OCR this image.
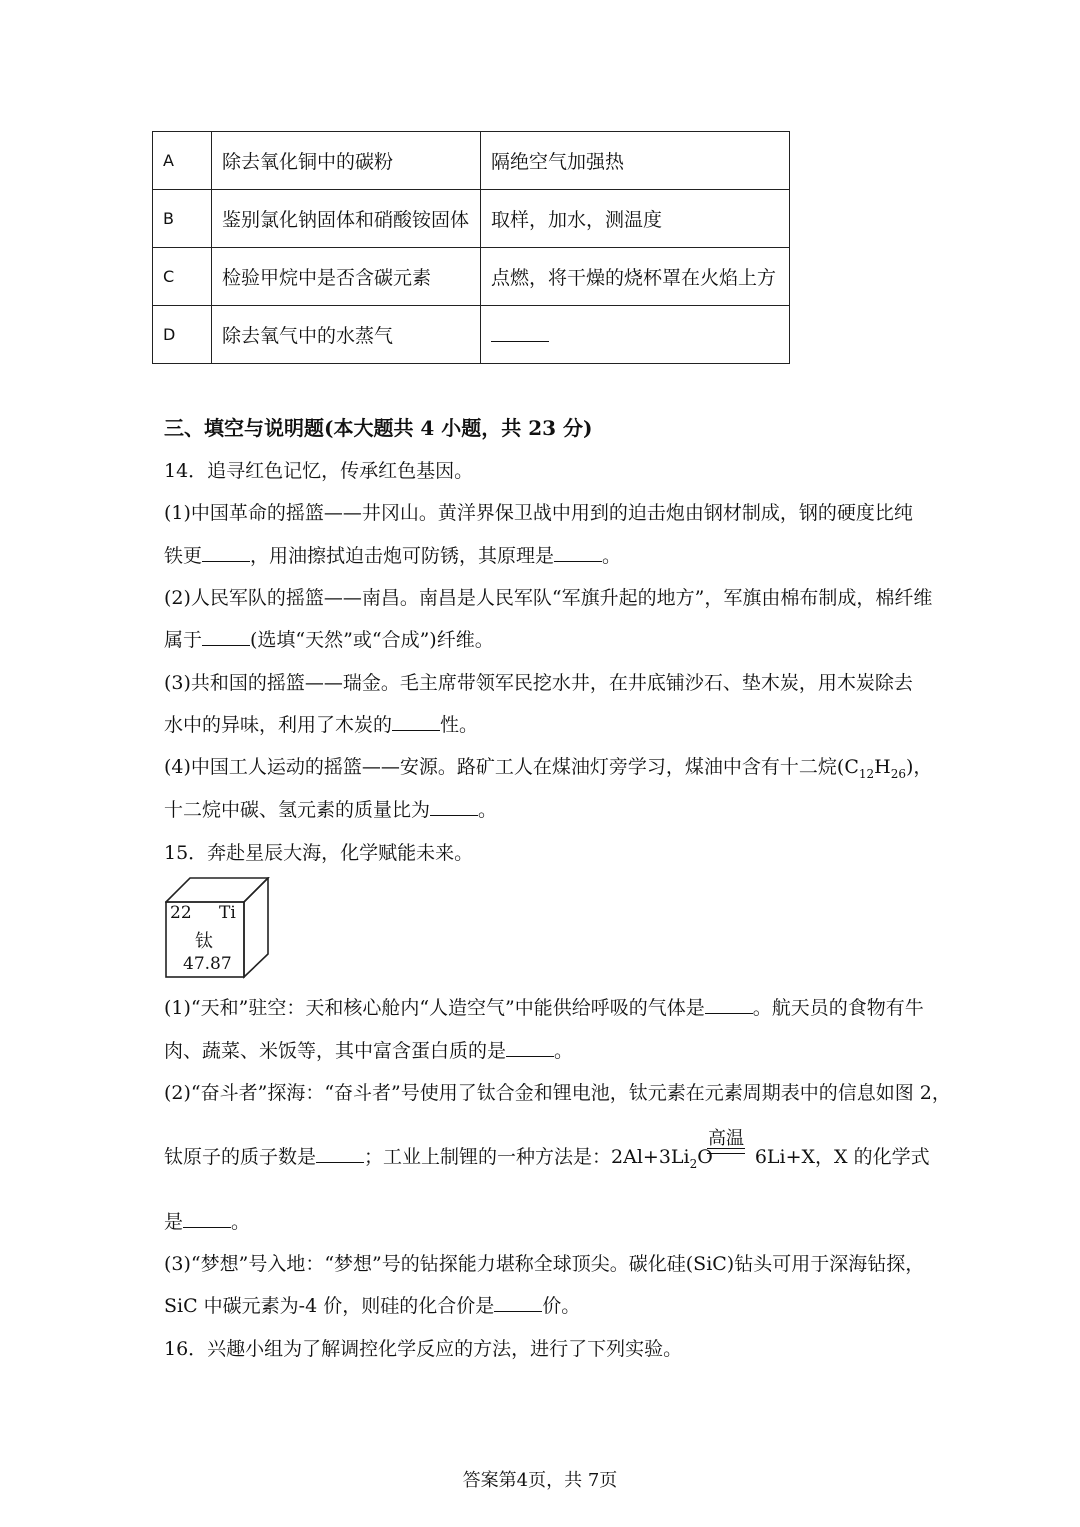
A	除去氧化铜中的碳粉	隔绝空气加强热
B	鉴别氯化钠固体和硝酸铵固体	取样，加水，测温度
C	检验甲烷中是否含碳元素	点燃，将干燥的烧杯罩在火焰上方
D	除去氧气中的水蒸气	
三、填空与说明题(本大题共 4 小题，共 23 分)
14．追寻红色记忆，传承红色基因。
(1)中国革命的摇篮——井冈山。黄洋界保卫战中用到的迫击炮由钢材制成，钢的硬度比纯
铁更	，用油擦拭迫击炮可防锈，其原理是	。
(2)人民军队的摇篮——南昌。南昌是人民军队“军旗升起的地方”，军旗由棉布制成，棉纤维
属于	(选填“天然”或“合成”)纤维。
(3)共和国的摇篮——瑞金。毛主席带领军民挖水井，在井底铺沙石、垫木炭，用木炭除去
水中的异味，利用了木炭的	性。
(4)中国工人运动的摇篮——安源。路矿工人在煤油灯旁学习，煤油中含有十二烷$(C_{12}H_{26})$，
十二烷中碳、氢元素的质量比为	。
15．奔赴星辰大海，化学赋能未来。
22 Ti
钛
47.87
(1)“天和”驻空：天和核心舱内“人造空气”中能供给呼吸的气体是	。航天员的食物有牛
肉、蔬菜、米饭等，其中富含蛋白质的是	。
(2)“奋斗者”探海：“奋斗者”号使用了钛合金和锂电池，钛元素在元素周期表中的信息如图 2，
高温
钛原子的质子数是	；工业上制锂的一种方法是：$2Al+3Li_2O$ 6Li+X，X 的化学式
是	。
(3)“梦想”号入地：“梦想”号的钻探能力堪称全球顶尖。碳化硅(SiC)钻头可用于深海钻探，
SiC 中碳元素为-4 价，则硅的化合价是	价。
16．兴趣小组为了解调控化学反应的方法，进行了下列实验。
答案第4页，共 7页
